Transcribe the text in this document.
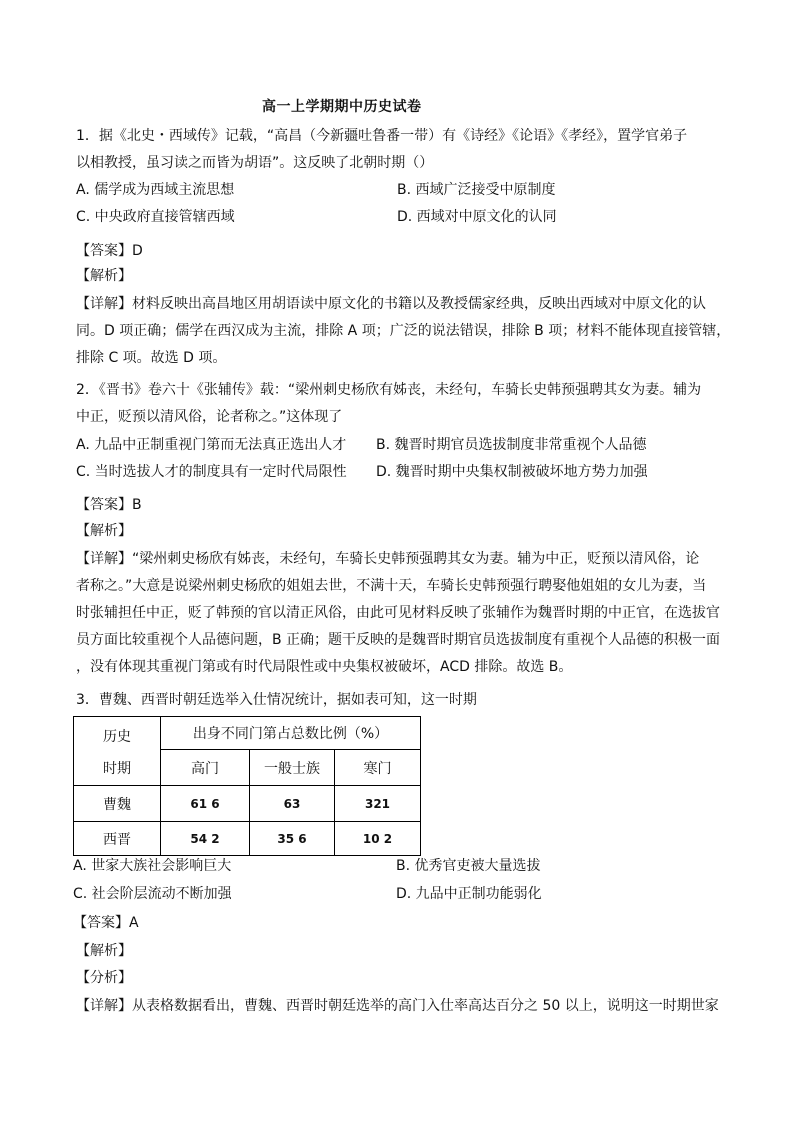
高一上学期期中历史试卷
1．据《北史・西域传》记载，“高昌（今新疆吐鲁番一带）有《诗经》《论语》《孝经》，置学官弟子
以相教授，虽习读之而皆为胡语”。这反映了北朝时期（）
A. 儒学成为西域主流思想	B. 西域广泛接受中原制度
C. 中央政府直接管辖西域	D. 西域对中原文化的认同
【答案】D
【解析】
【详解】材料反映出高昌地区用胡语读中原文化的书籍以及教授儒家经典，反映出西域对中原文化的认
同。D 项正确；儒学在西汉成为主流，排除 A 项；广泛的说法错误，排除 B 项；材料不能体现直接管辖，
排除 C 项。故选 D 项。
2．《晋书》卷六十《张辅传》载：“梁州刺史杨欣有姊丧，未经句，车骑长史韩预强聘其女为妻。辅为
中正，贬预以清风俗，论者称之。”这体现了
A. 九品中正制重视门第而无法真正选出人才 B. 魏晋时期官员选拔制度非常重视个人品德
C. 当时选拔人才的制度具有一定时代局限性 D. 魏晋时期中央集权制被破坏地方势力加强
【答案】B
【解析】
【详解】“梁州刺史杨欣有姊丧，未经句，车骑长史韩预强聘其女为妻。辅为中正，贬预以清风俗，论
者称之。”大意是说梁州刺史杨欣的姐姐去世，不满十天，车骑长史韩预强行聘娶他姐姐的女儿为妻，当
时张辅担任中正，贬了韩预的官以清正风俗，由此可见材料反映了张辅作为魏晋时期的中正官，在选拔官
员方面比较重视个人品德问题，B 正确；题干反映的是魏晋时期官员选拔制度有重视个人品德的积极一面
，没有体现其重视门第或有时代局限性或中央集权被破坏，ACD 排除。故选 B。
3．曹魏、西晋时朝廷选举入仕情况统计，据如表可知，这一时期
历史
时期	出身不同门第占总数比例（%）		
	高门	一般士族	寒门
曹魏	61 6	63	321
西晋	54 2	35 6	10 2
A. 世家大族社会影响巨大	B. 优秀官吏被大量选拔
C. 社会阶层流动不断加强	D. 九品中正制功能弱化
【答案】A
【解析】
【分析】
【详解】从表格数据看出，曹魏、西晋时朝廷选举的高门入仕率高达百分之 50 以上，说明这一时期世家
